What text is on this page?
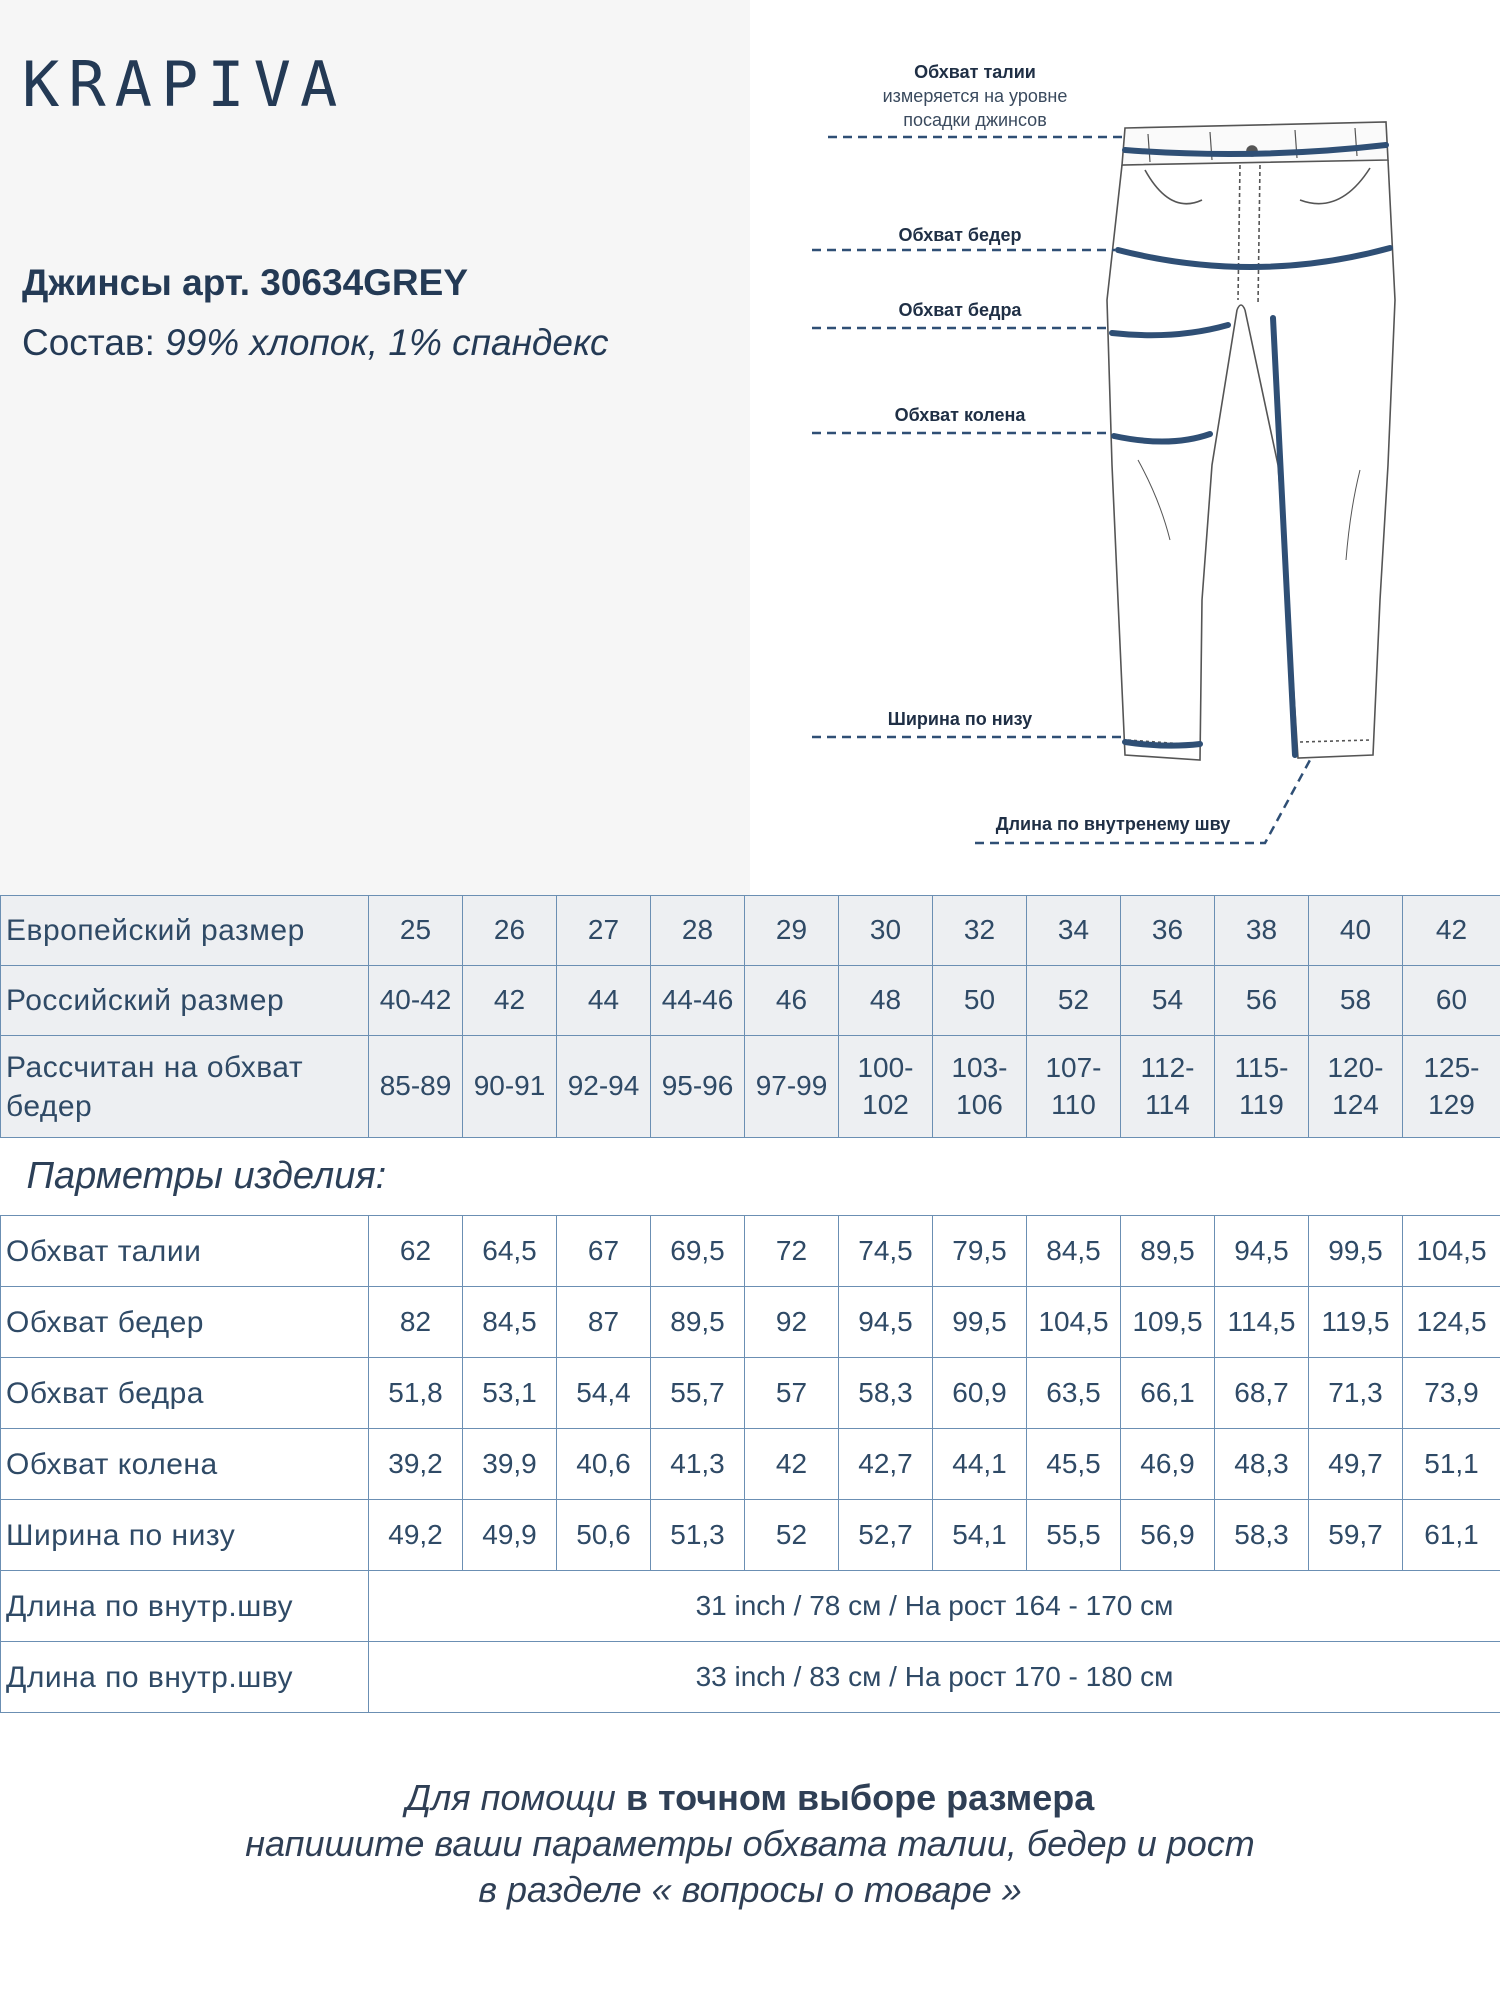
KRAPIVA
Джинсы арт. 30634GREY
Состав: 99% хлопок, 1% спандекс
Обхват талии
измеряется на уровне
посадки джинсов
Обхват бедер
Обхват бедра
Обхват колена
Ширина по низу
Длина по внутренему шву
Европейский размер	25	26	27	28	29	30	32	34	36	38	40	42
Российский размер	40-42	42	44	44-46	46	48	50	52	54	56	58	60
Рассчитан на обхват бедер	85-89	90-91	92-94	95-96	97-99	100-102	103-106	107-110	112-114	115-119	120-124	125-129
Парметры изделия:												
Обхват талии	62	64,5	67	69,5	72	74,5	79,5	84,5	89,5	94,5	99,5	104,5
Обхват бедер	82	84,5	87	89,5	92	94,5	99,5	104,5	109,5	114,5	119,5	124,5
Обхват бедра	51,8	53,1	54,4	55,7	57	58,3	60,9	63,5	66,1	68,7	71,3	73,9
Обхват колена	39,2	39,9	40,6	41,3	42	42,7	44,1	45,5	46,9	48,3	49,7	51,1
Ширина по низу	49,2	49,9	50,6	51,3	52	52,7	54,1	55,5	56,9	58,3	59,7	61,1
Длина по внутр.шву	31 inch / 78 см / На рост 164 - 170 см											
Длина по внутр.шву	33 inch / 83 см / На рост 170 - 180 см											
Для помощи в точном выборе размера
напишите ваши параметры обхвата талии, бедер и рост
в разделе « вопросы о товаре »
